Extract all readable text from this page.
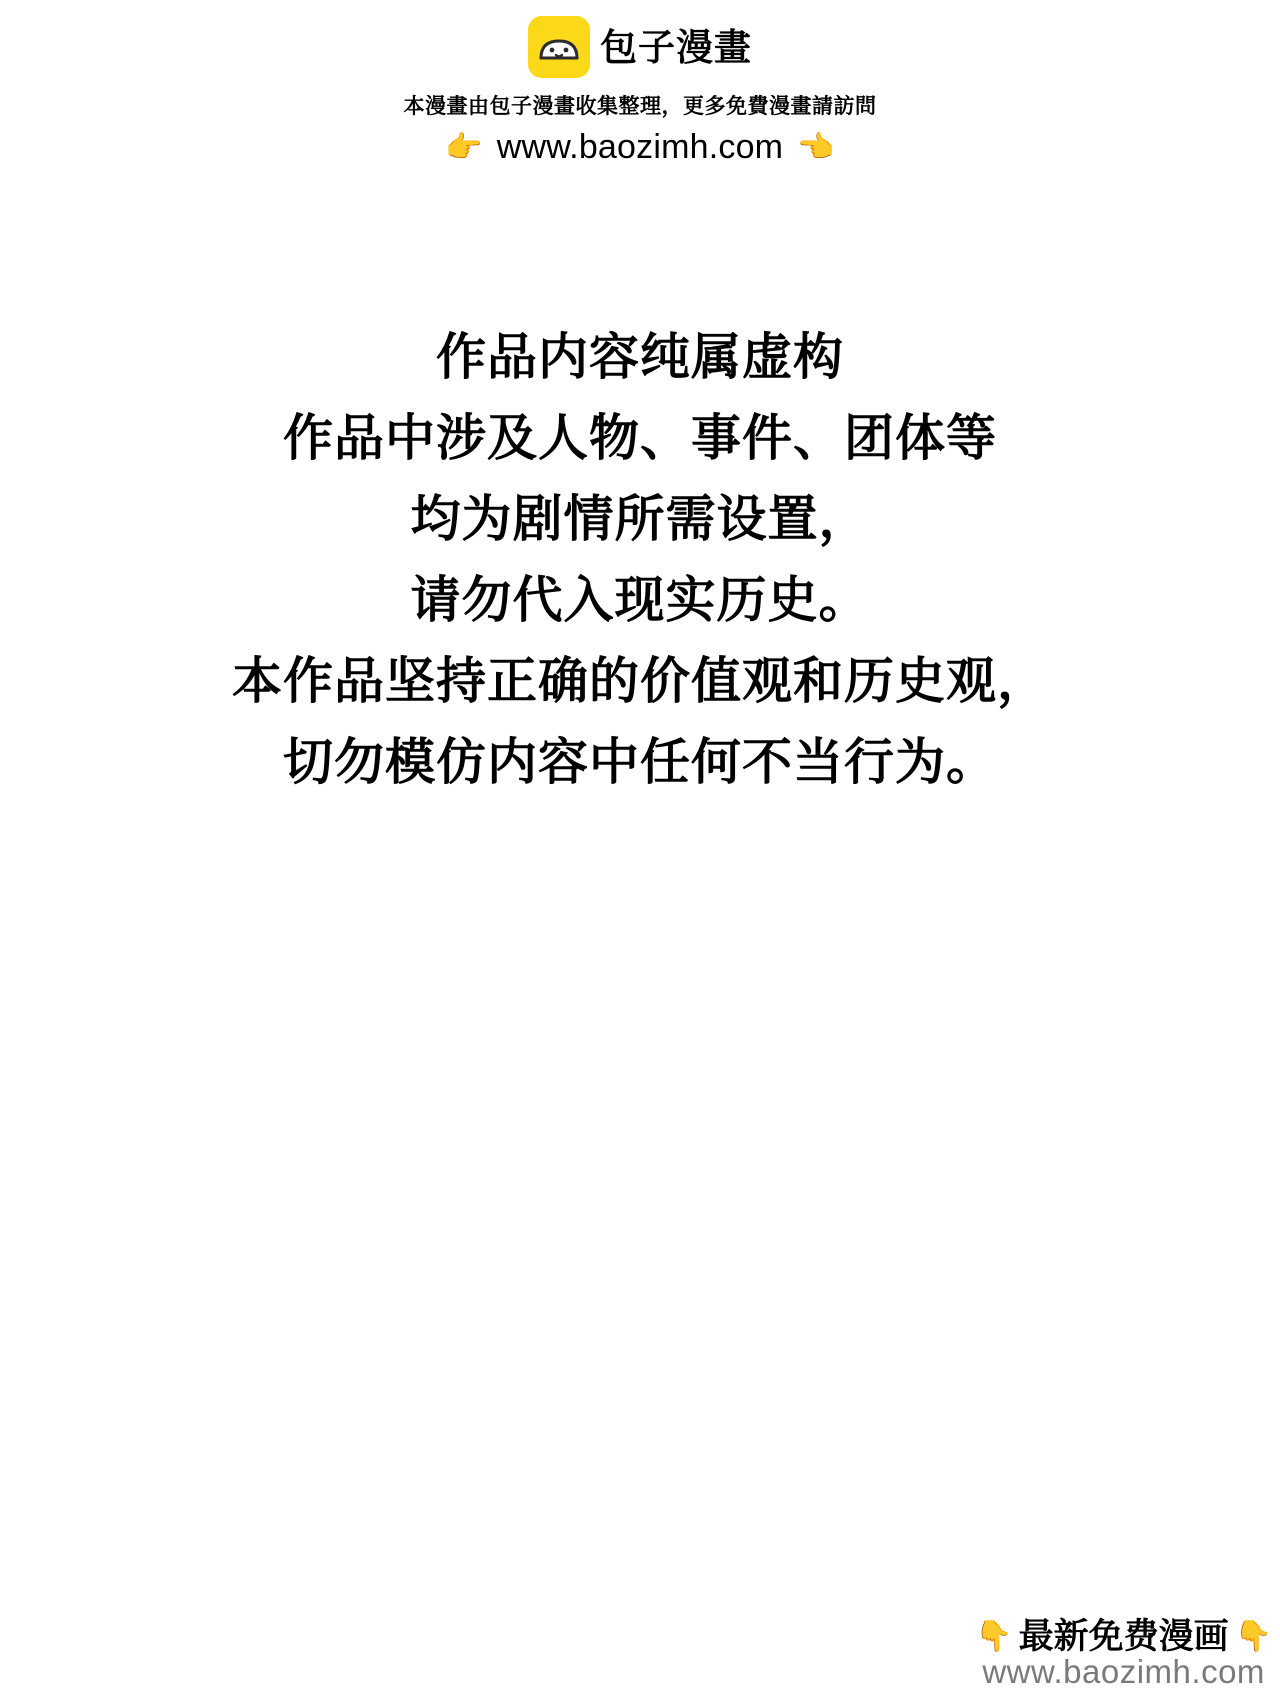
包子漫畫
本漫畫由包子漫畫收集整理，更多免費漫畫請訪問
👉 www.baozimh.com 👈
作品内容纯属虚构
作品中涉及人物、事件、团体等
均为剧情所需设置，
请勿代入现实历史。
本作品坚持正确的价值观和历史观，
切勿模仿内容中任何不当行为。
👇 最新免费漫画 👇
www.baozimh.com
